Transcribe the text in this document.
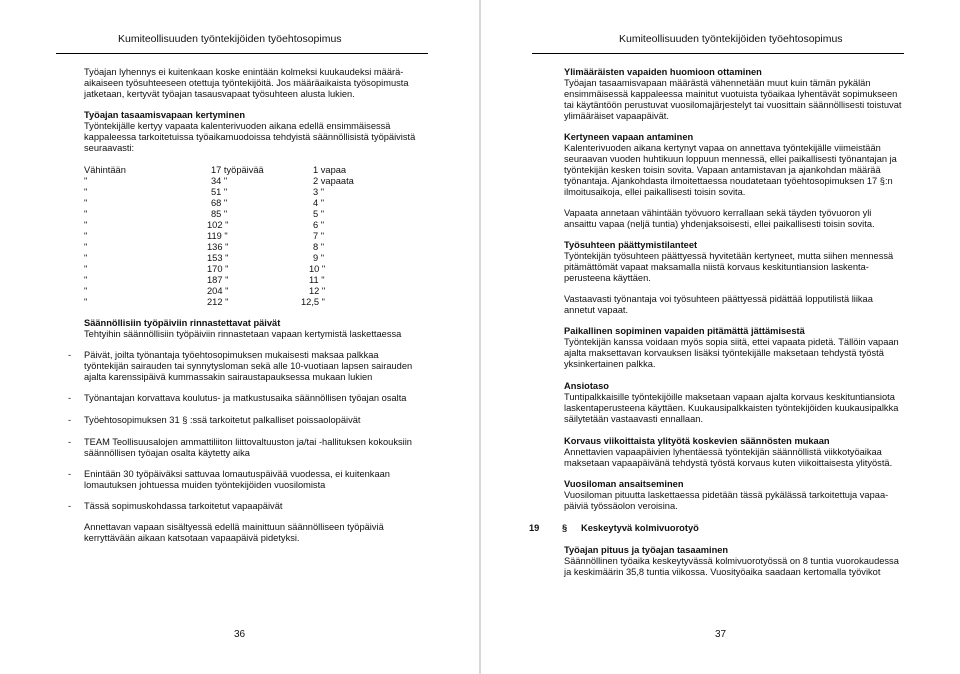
Kumiteollisuuden työntekijöiden työehtosopimus
Työajan lyhennys ei kuitenkaan koske enintään kolmeksi kuukaudeksi määrä-
aikaiseen työsuhteeseen otettuja työntekijöitä. Jos määräaikaista työsopimusta
jatketaan, kertyvät työajan tasausvapaat työsuhteen alusta lukien.
Työajan tasaamisvapaan kertyminen
Työntekijälle kertyy vapaata kalenterivuoden aikana edellä ensimmäisessä
kappaleessa tarkoitetuissa työaikamuodoissa tehdyistä säännöllisistä työpäivistä
seuraavasti:
Vähintään	17 työpäivää	1 vapaa
"	34 "	2 vapaata
"	51 "	3 "
"	68 "	4 "
"	85 "	5 "
"	102 "	6 "
"	119 "	7 "
"	136 "	8 "
"	153 "	9 "
"	170 "	10 "
"	187 "	11 "
"	204 "	12 "
"	212 "	12,5 "
Säännöllisiin työpäiviin rinnastettavat päivät
Tehtyihin säännöllisiin työpäiviin rinnastetaan vapaan kertymistä laskettaessa
- Päivät, joilta työnantaja työehtosopimuksen mukaisesti maksaa palkkaa
työntekijän sairauden tai synnytysloman sekä alle 10-vuotiaan lapsen sairauden
ajalta karenssipäivä kummassakin sairaustapauksessa mukaan lukien
- Työnantajan korvattava koulutus- ja matkustusaika säännöllisen työajan osalta
- Työehtosopimuksen 31 § :ssä tarkoitetut palkalliset poissaolopäivät
- TEAM Teollisuusalojen ammattiliiton liittovaltuuston ja/tai -hallituksen kokouksiin
säännöllisen työajan osalta käytetty aika
- Enintään 30 työpäiväksi sattuvaa lomautuspäivää vuodessa, ei kuitenkaan
lomautuksen johtuessa muiden työntekijöiden vuosilomista
- Tässä sopimuskohdassa tarkoitetut vapaapäivät
Annettavan vapaan sisältyessä edellä mainittuun säännölliseen työpäiviä
kerryttävään aikaan katsotaan vapaapäivä pidetyksi.
36
Kumiteollisuuden työntekijöiden työehtosopimus
Ylimääräisten vapaiden huomioon ottaminen
Työajan tasaamisvapaan määrästä vähennetään muut kuin tämän pykälän
ensimmäisessä kappaleessa mainitut vuotuista työaikaa lyhentävät sopimukseen
tai käytäntöön perustuvat vuosilomajärjestelyt tai vuosittain säännöllisesti toistuvat
ylimääräiset vapaapäivät.
Kertyneen vapaan antaminen
Kalenterivuoden aikana kertynyt vapaa on annettava työntekijälle viimeistään
seuraavan vuoden huhtikuun loppuun mennessä, ellei paikallisesti työnantajan ja
työntekijän kesken toisin sovita. Vapaan antamistavan ja ajankohdan määrää
työnantaja. Ajankohdasta ilmoitettaessa noudatetaan työehtosopimuksen 17 §:n
ilmoitusaikoja, ellei paikallisesti toisin sovita.
Vapaata annetaan vähintään työvuoro kerrallaan sekä täyden työvuoron yli
ansaittu vapaa (neljä tuntia) yhdenjaksoisesti, ellei paikallisesti toisin sovita.
Työsuhteen päättymistilanteet
Työntekijän työsuhteen päättyessä hyvitetään kertyneet, mutta siihen mennessä
pitämättömät vapaat maksamalla niistä korvaus keskituntiansion laskenta-
perusteena käyttäen.
Vastaavasti työnantaja voi työsuhteen päättyessä pidättää lopputilistä liikaa
annetut vapaat.
Paikallinen sopiminen vapaiden pitämättä jättämisestä
Työntekijän kanssa voidaan myös sopia siitä, ettei vapaata pidetä. Tällöin vapaan
ajalta maksettavan korvauksen lisäksi työntekijälle maksetaan tehdystä työstä
yksinkertainen palkka.
Ansiotaso
Tuntipalkkaisille työntekijöille maksetaan vapaan ajalta korvaus keskituntiansiota
laskentaperusteena käyttäen. Kuukausipalkkaisten työntekijöiden kuukausipalkka
säilytetään vastaavasti ennallaan.
Korvaus viikoittaista ylityötä koskevien säännösten mukaan
Annettavien vapaapäivien lyhentäessä työntekijän säännöllistä viikkotyöaikaa
maksetaan vapaapäivänä tehdystä työstä korvaus kuten viikoittaisesta ylityöstä.
Vuosiloman ansaitseminen
Vuosiloman pituutta laskettaessa pidetään tässä pykälässä tarkoitettuja vapaa-
päiviä työssäolon veroisina.
19 § Keskeytyvä kolmivuorotyö
Työajan pituus ja työajan tasaaminen
Säännöllinen työaika keskeytyvässä kolmivuorotyössä on 8 tuntia vuorokaudessa
ja keskimäärin 35,8 tuntia viikossa. Vuosityöaika saadaan kertomalla työvikot
37
